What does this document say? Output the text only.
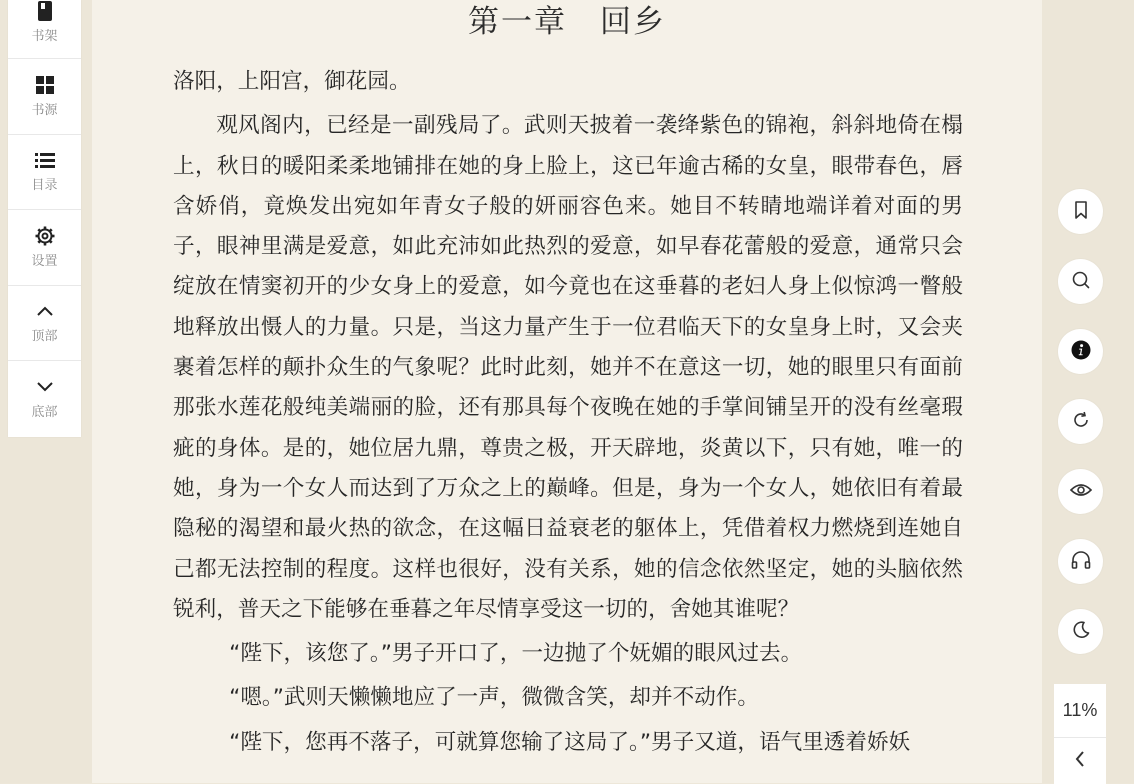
书架
书源
目录
设置
顶部
底部
第一章　回乡

洛阳，上阳宫，御花园。

观风阁内，已经是一副残局了。武则天披着一袭绛紫色的锦袍，斜斜地倚在榻上，秋日的暖阳柔柔地铺排在她的身上脸上，这已年逾古稀的女皇，眼带春色，唇含娇俏，竟焕发出宛如年青女子般的妍丽容色来。她目不转睛地端详着对面的男子，眼神里满是爱意，如此充沛如此热烈的爱意，如早春花蕾般的爱意，通常只会绽放在情窦初开的少女身上的爱意，如今竟也在这垂暮的老妇人身上似惊鸿一瞥般地释放出慑人的力量。只是，当这力量产生于一位君临天下的女皇身上时，又会夹裹着怎样的颠扑众生的气象呢？此时此刻，她并不在意这一切，她的眼里只有面前那张水莲花般纯美端丽的脸，还有那具每个夜晚在她的手掌间铺呈开的没有丝毫瑕疵的身体。是的，她位居九鼎，尊贵之极，开天辟地，炎黄以下，只有她，唯一的她，身为一个女人而达到了万众之上的巅峰。但是，身为一个女人，她依旧有着最隐秘的渴望和最火热的欲念，在这幅日益衰老的躯体上，凭借着权力燃烧到连她自己都无法控制的程度。这样也很好，没有关系，她的信念依然坚定，她的头脑依然锐利，普天之下能够在垂暮之年尽情享受这一切的，舍她其谁呢？

“陛下，该您了。”男子开口了，一边抛了个妩媚的眼风过去。

“嗯。”武则天懒懒地应了一声，微微含笑，却并不动作。

“陛下，您再不落子，可就算您输了这局了。”男子又道，语气里透着娇妖

11%
